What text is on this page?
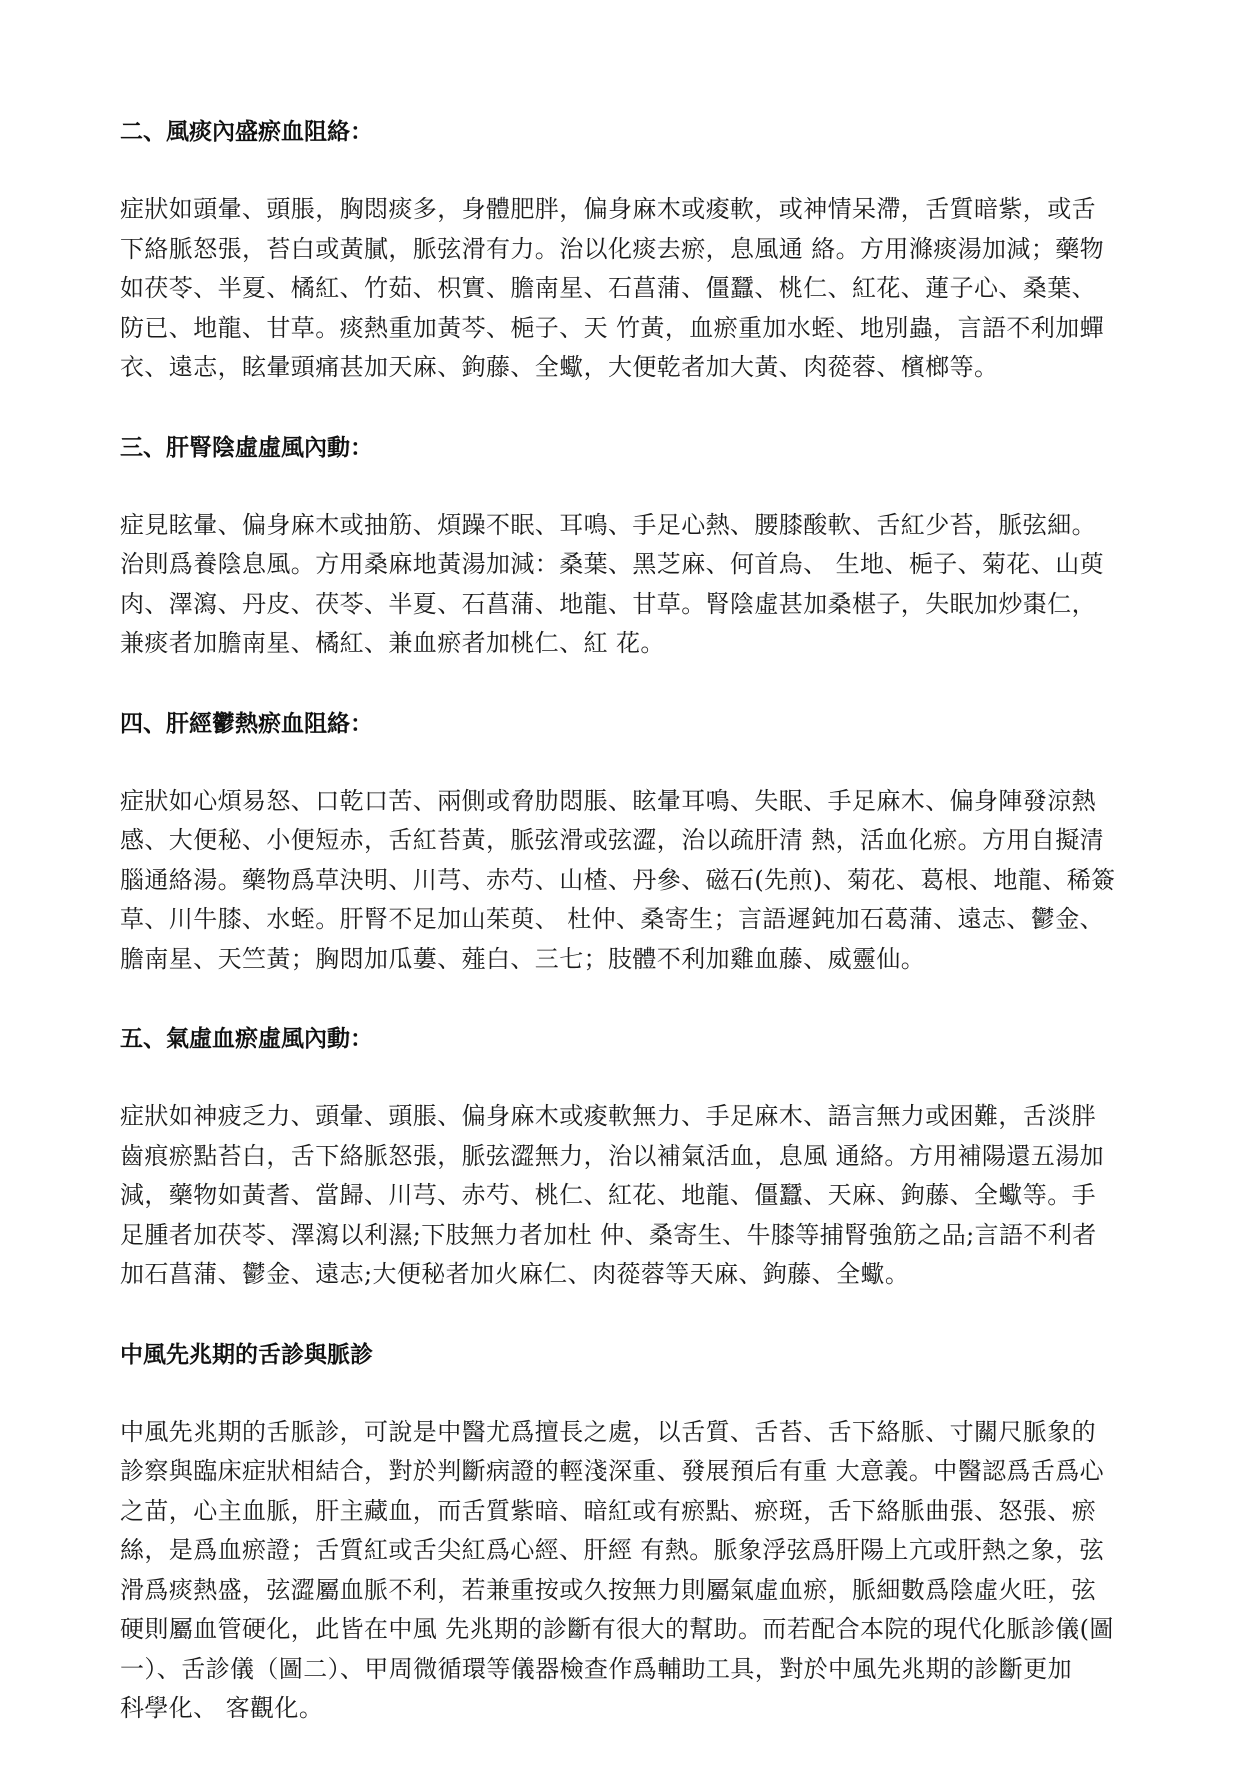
二、風痰內盛瘀血阻絡：
症狀如頭暈、頭脹，胸悶痰多，身體肥胖，偏身麻木或痠軟，或神情呆滯，舌質暗紫，或舌
下絡脈怒張，苔白或黃膩，脈弦滑有力。治以化痰去瘀，息風通 絡。方用滌痰湯加減；藥物
如茯苓、半夏、橘紅、竹茹、枳實、膽南星、石菖蒲、僵蠶、桃仁、紅花、蓮子心、桑葉、
防已、地龍、甘草。痰熱重加黃芩、梔子、天 竹黃，血瘀重加水蛭、地別蟲，言語不利加蟬
衣、遠志，眩暈頭痛甚加天麻、鉤藤、全蠍，大便乾者加大黃、肉蓯蓉、檳榔等。
三、肝腎陰虛虛風內動：
症見眩暈、偏身麻木或抽筋、煩躁不眠、耳鳴、手足心熱、腰膝酸軟、舌紅少苔，脈弦細。
治則爲養陰息風。方用桑麻地黃湯加減：桑葉、黑芝麻、何首烏、 生地、梔子、菊花、山萸
肉、澤瀉、丹皮、茯苓、半夏、石菖蒲、地龍、甘草。腎陰虛甚加桑椹子，失眠加炒棗仁，
兼痰者加膽南星、橘紅、兼血瘀者加桃仁、紅 花。
四、肝經鬱熱瘀血阻絡：
症狀如心煩易怒、口乾口苦、兩側或脅肋悶脹、眩暈耳鳴、失眠、手足麻木、偏身陣發涼熱
感、大便秘、小便短赤，舌紅苔黃，脈弦滑或弦澀，治以疏肝清 熱，活血化瘀。方用自擬清
腦通絡湯。藥物爲草決明、川芎、赤芍、山楂、丹參、磁石(先煎)、菊花、葛根、地龍、稀簽
草、川牛膝、水蛭。肝腎不足加山茱萸、 杜仲、桑寄生；言語遲鈍加石葛蒲、遠志、鬱金、
膽南星、天竺黃；胸悶加瓜蔞、薤白、三七；肢體不利加雞血藤、威靈仙。
五、氣虛血瘀虛風內動：
症狀如神疲乏力、頭暈、頭脹、偏身麻木或痠軟無力、手足麻木、語言無力或困難，舌淡胖
齒痕瘀點苔白，舌下絡脈怒張，脈弦澀無力，治以補氣活血，息風 通絡。方用補陽還五湯加
減，藥物如黃耆、當歸、川芎、赤芍、桃仁、紅花、地龍、僵蠶、天麻、鉤藤、全蠍等。手
足腫者加茯苓、澤瀉以利濕;下肢無力者加杜 仲、桑寄生、牛膝等捕腎強筋之品;言語不利者
加石菖蒲、鬱金、遠志;大便秘者加火麻仁、肉蓯蓉等天麻、鉤藤、全蠍。
中風先兆期的舌診與脈診
中風先兆期的舌脈診，可說是中醫尤爲擅長之處，以舌質、舌苔、舌下絡脈、寸關尺脈象的
診察與臨床症狀相結合，對於判斷病證的輕淺深重、發展預后有重 大意義。中醫認爲舌爲心
之苗，心主血脈，肝主藏血，而舌質紫暗、暗紅或有瘀點、瘀斑，舌下絡脈曲張、怒張、瘀
絲，是爲血瘀證；舌質紅或舌尖紅爲心經、肝經 有熱。脈象浮弦爲肝陽上亢或肝熱之象，弦
滑爲痰熱盛，弦澀屬血脈不利，若兼重按或久按無力則屬氣虛血瘀，脈細數爲陰虛火旺，弦
硬則屬血管硬化，此皆在中風 先兆期的診斷有很大的幫助。而若配合本院的現代化脈診儀(圖
一）、舌診儀（圖二）、甲周微循環等儀器檢查作爲輔助工具，對於中風先兆期的診斷更加
科學化、 客觀化。
